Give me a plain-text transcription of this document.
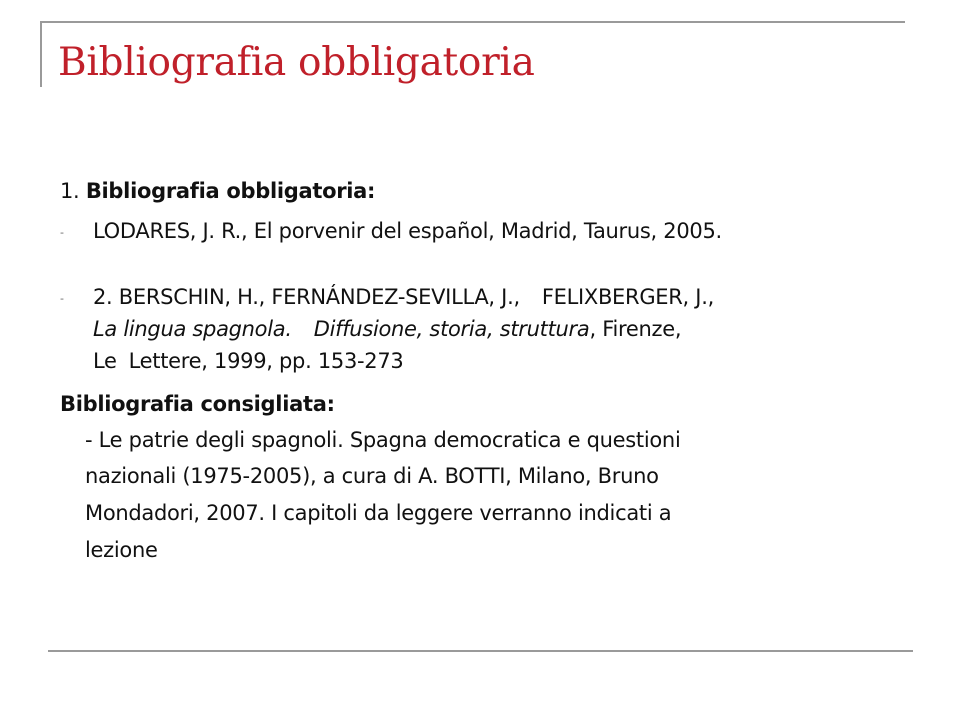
Bibliografia obbligatoria
1. Bibliografia obbligatoria:
- LODARES, J. R., El porvenir del español, Madrid, Taurus, 2005.
- 2. BERSCHIN, H., FERNÁNDEZ-SEVILLA, J., FELIXBERGER, J.,
La lingua spagnola. Diffusione, storia, struttura, Firenze,
Le Lettere, 1999, pp. 153-273
Bibliografia consigliata:
- Le patrie degli spagnoli. Spagna democratica e questioni
nazionali (1975-2005), a cura di A. BOTTI, Milano, Bruno
Mondadori, 2007. I capitoli da leggere verranno indicati a
lezione
